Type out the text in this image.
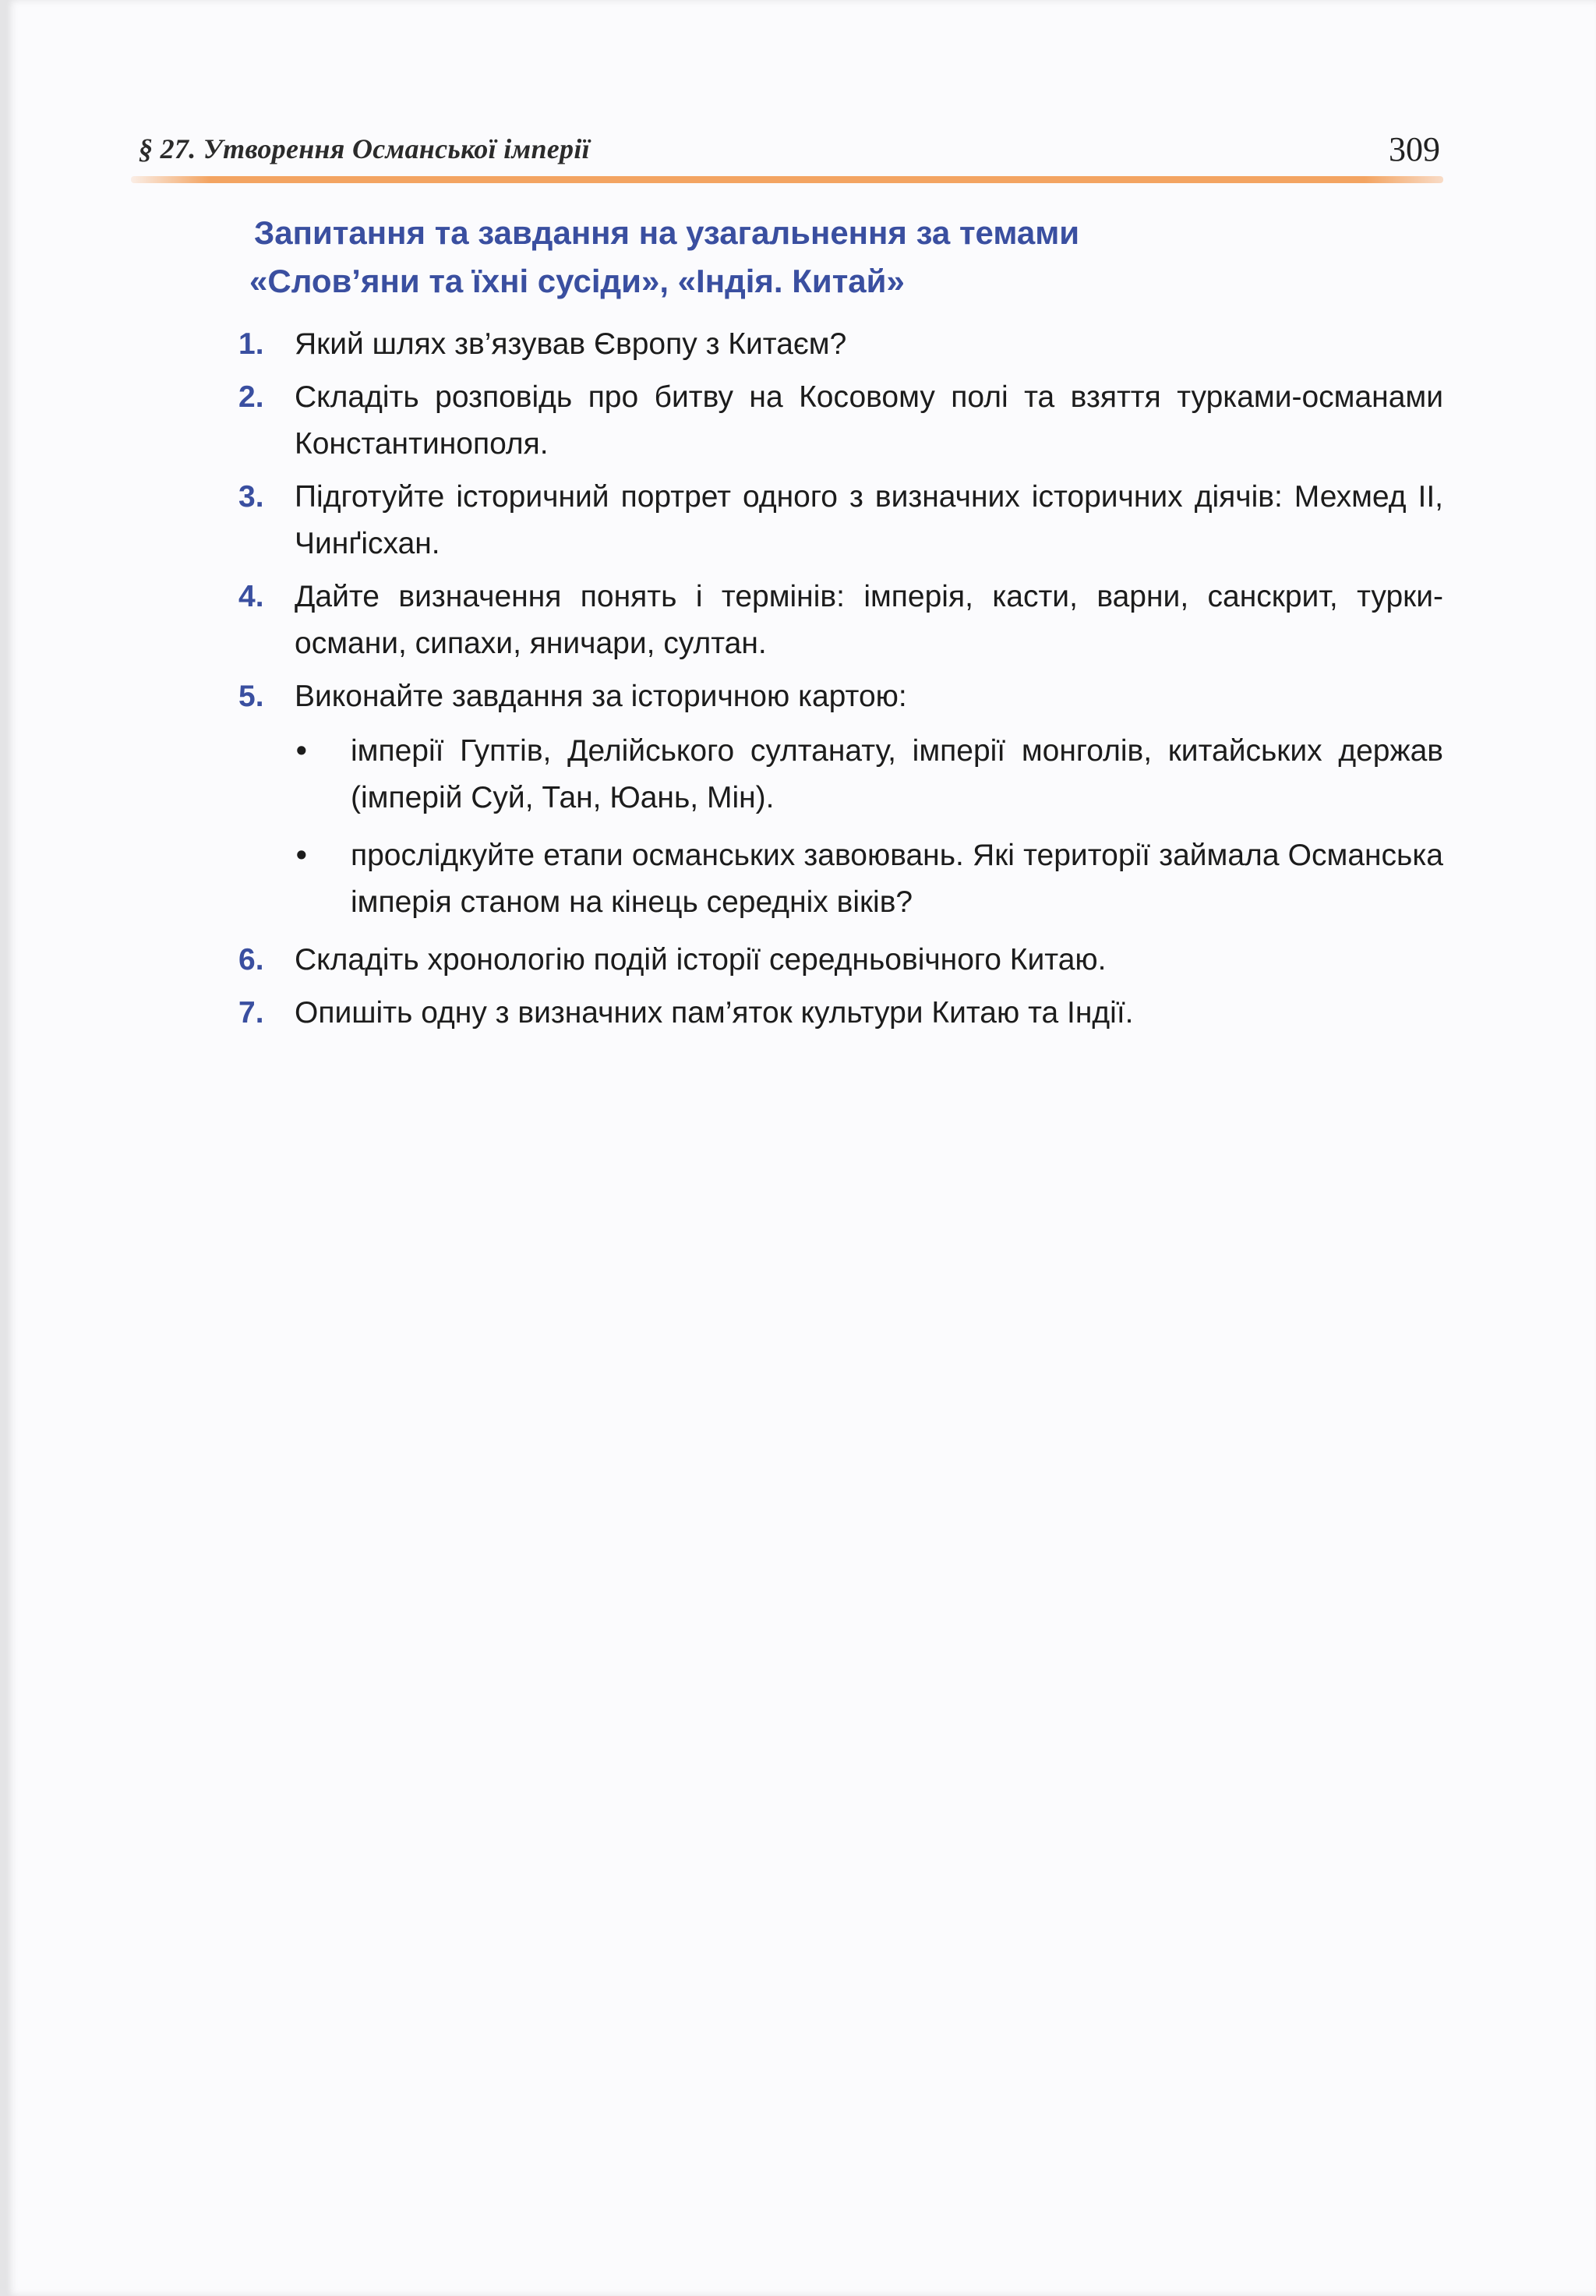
§ 27. Утворення Османської імперії	309
Запитання та завдання на узагальнення за темами
«Слов’яни та їхні сусіди», «Індія. Китай»
1. Який шлях зв’язував Європу з Китаєм?
2. Складіть розповідь про битву на Косовому полі та взяття турками-османами Константинополя.
3. Підготуйте історичний портрет одного з визначних історичних діячів: Мехмед ІІ, Чинґісхан.
4. Дайте визначення понять і термінів: імперія, касти, варни, санскрит, турки-османи, сипахи, яничари, султан.
5. Виконайте завдання за історичною картою:
• імперії Гуптів, Делійського султанату, імперії монголів, китайських держав (імперій Суй, Тан, Юань, Мін).
• прослідкуйте етапи османських завоювань. Які території займала Османська імперія станом на кінець середніх віків?
6. Складіть хронологію подій історії середньовічного Китаю.
7. Опишіть одну з визначних пам’яток культури Китаю та Індії.
